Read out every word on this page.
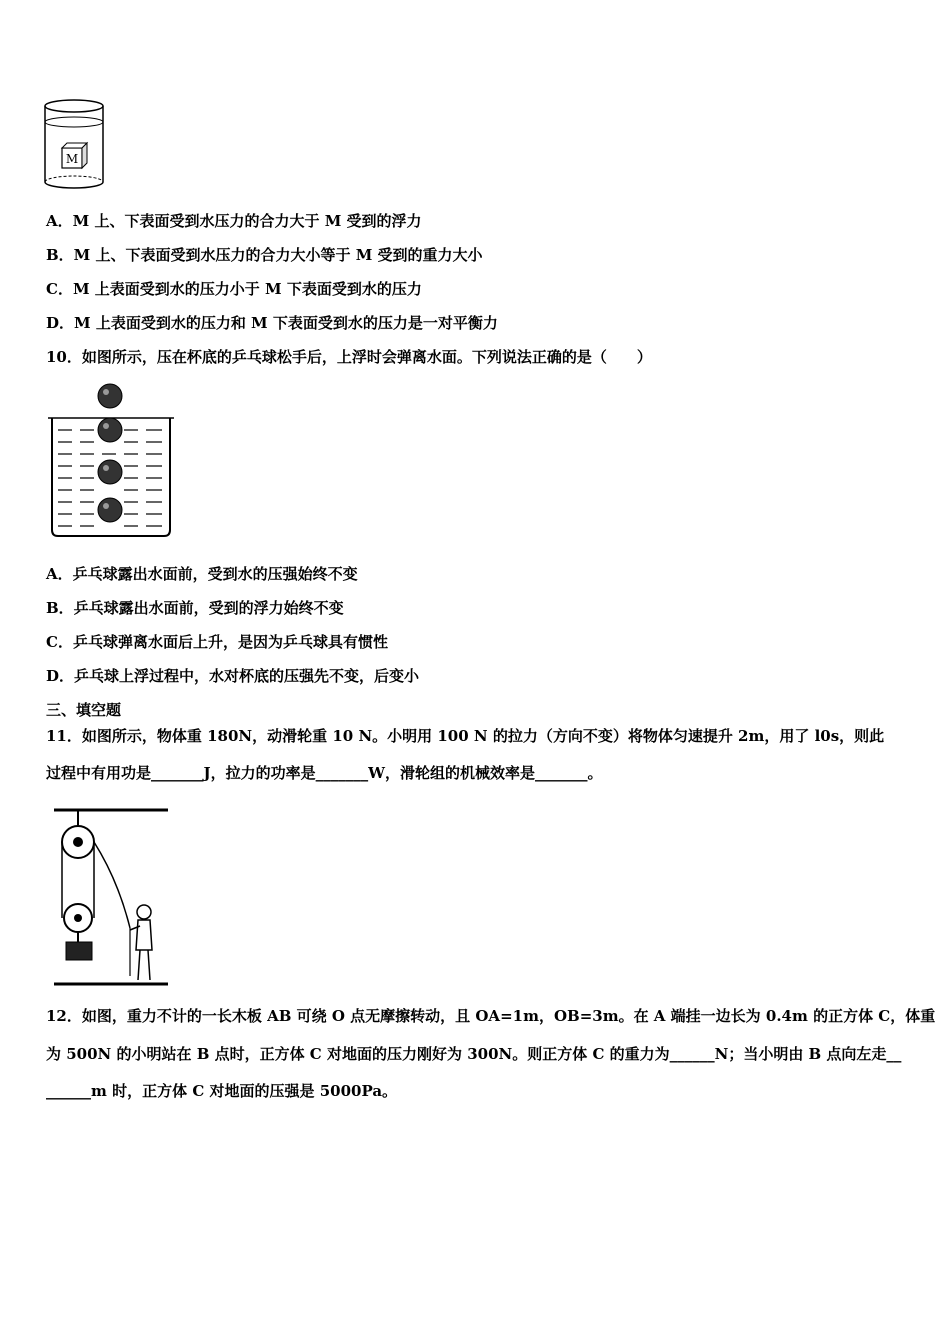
M
A．M 上、下表面受到水压力的合力大于 M 受到的浮力
B．M 上、下表面受到水压力的合力大小等于 M 受到的重力大小
C．M 上表面受到水的压力小于 M 下表面受到水的压力
D．M 上表面受到水的压力和 M 下表面受到水的压力是一对平衡力
10．如图所示，压在杯底的乒乓球松手后，上浮时会弹离水面。下列说法正确的是（　　）
A．乒乓球露出水面前，受到水的压强始终不变
B．乒乓球露出水面前，受到的浮力始终不变
C．乒乓球弹离水面后上升，是因为乒乓球具有惯性
D．乒乓球上浮过程中，水对杯底的压强先不变，后变小
三、填空题
11．如图所示，物体重 180N，动滑轮重 10 N。小明用 100 N 的拉力（方向不变）将物体匀速提升 2m，用了 l0s，则此
过程中有用功是_______J，拉力的功率是_______W，滑轮组的机械效率是_______。
12．如图，重力不计的一长木板 AB 可绕 O 点无摩擦转动，且 OA=1m，OB=3m。在 A 端挂一边长为 0.4m 的正方体 C，体重
为 500N 的小明站在 B 点时，正方体 C 对地面的压力刚好为 300N。则正方体 C 的重力为______N；当小明由 B 点向左走__
______m 时，正方体 C 对地面的压强是 5000Pa。
